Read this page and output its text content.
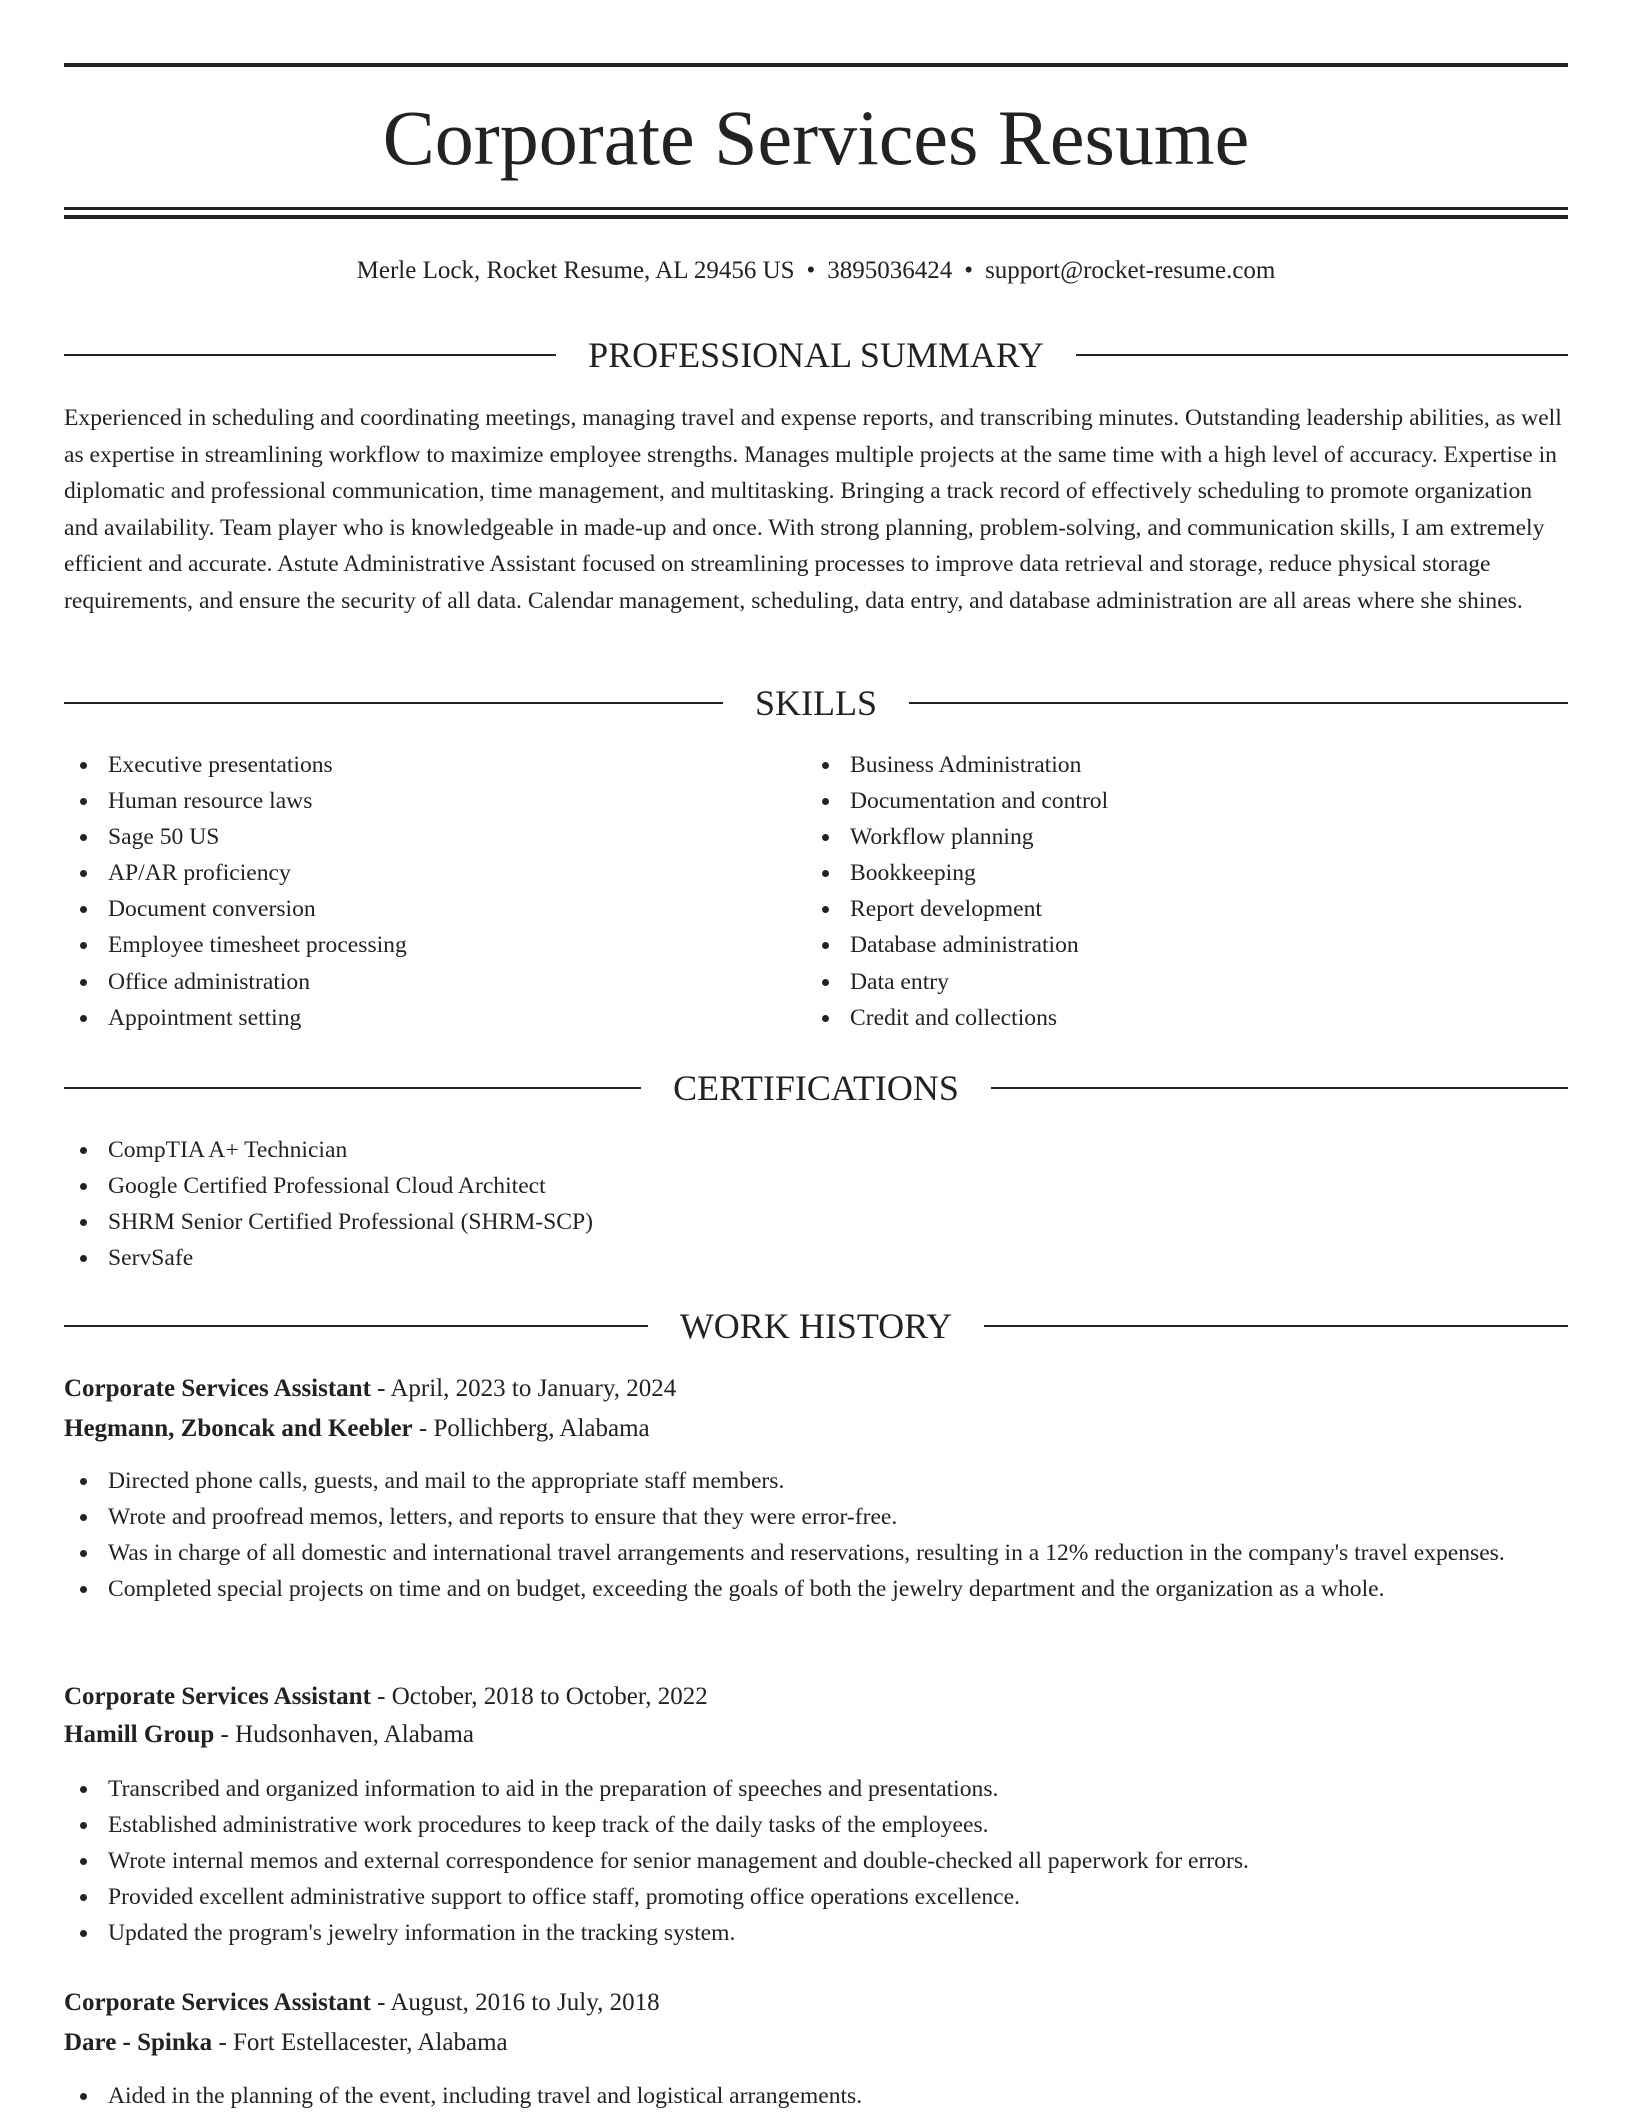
Corporate Services Resume
Merle Lock, Rocket Resume, AL 29456 US • 3895036424 • support@rocket-resume.com
PROFESSIONAL SUMMARY

Experienced in scheduling and coordinating meetings, managing travel and expense reports, and transcribing minutes. Outstanding leadership abilities, as well as expertise in streamlining workflow to maximize employee strengths. Manages multiple projects at the same time with a high level of accuracy. Expertise in diplomatic and professional communication, time management, and multitasking. Bringing a track record of effectively scheduling to promote organization and availability. Team player who is knowledgeable in made-up and once. With strong planning, problem-solving, and communication skills, I am extremely efficient and accurate. Astute Administrative Assistant focused on streamlining processes to improve data retrieval and storage, reduce physical storage requirements, and ensure the security of all data. Calendar management, scheduling, data entry, and database administration are all areas where she shines.

SKILLS
Executive presentations
Human resource laws
Sage 50 US
AP/AR proficiency
Document conversion
Employee timesheet processing
Office administration
Appointment setting
Business Administration
Documentation and control
Workflow planning
Bookkeeping
Report development
Database administration
Data entry
Credit and collections
CERTIFICATIONS
CompTIA A+ Technician
Google Certified Professional Cloud Architect
SHRM Senior Certified Professional (SHRM-SCP)
ServSafe
WORK HISTORY
Corporate Services Assistant - April, 2023 to January, 2024
Hegmann, Zboncak and Keebler - Pollichberg, Alabama
Directed phone calls, guests, and mail to the appropriate staff members.
Wrote and proofread memos, letters, and reports to ensure that they were error-free.
Was in charge of all domestic and international travel arrangements and reservations, resulting in a 12% reduction in the company's travel expenses.
Completed special projects on time and on budget, exceeding the goals of both the jewelry department and the organization as a whole.
Corporate Services Assistant - October, 2018 to October, 2022
Hamill Group - Hudsonhaven, Alabama
Transcribed and organized information to aid in the preparation of speeches and presentations.
Established administrative work procedures to keep track of the daily tasks of the employees.
Wrote internal memos and external correspondence for senior management and double-checked all paperwork for errors.
Provided excellent administrative support to office staff, promoting office operations excellence.
Updated the program's jewelry information in the tracking system.
Corporate Services Assistant - August, 2016 to July, 2018
Dare - Spinka - Fort Estellacester, Alabama
Aided in the planning of the event, including travel and logistical arrangements.
